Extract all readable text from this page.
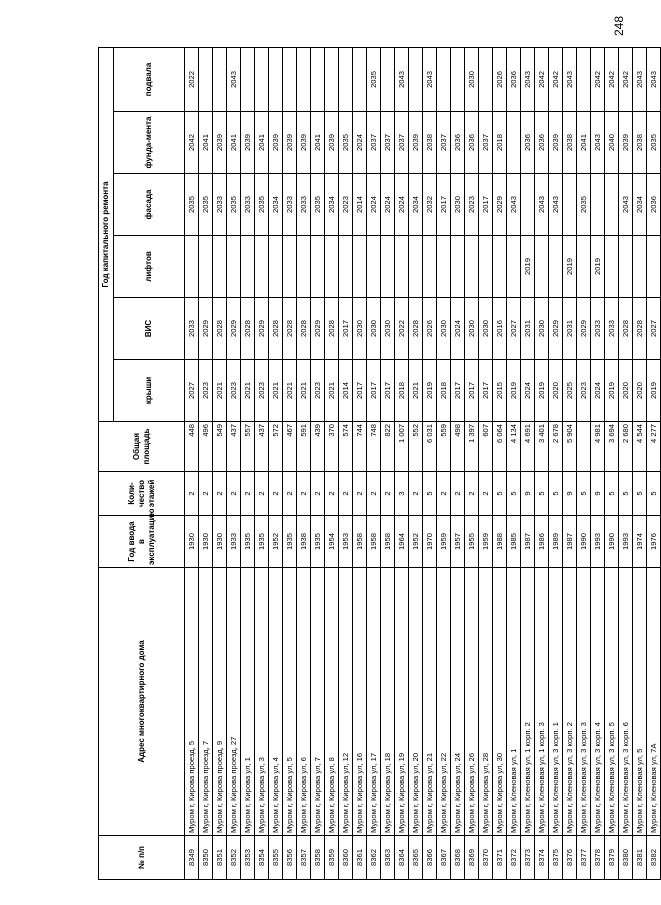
248
№ п/п	Адрес многоквартирного дома	Год ввода в эксплуатацию	Коли-чество этажей	Общая площадь	Год капитального ремонта					
					крыши	ВИС	лифтов	фасада	фунда-мента	подвала
8349	Муром г, Кирова проезд, 5	1930	2	448	2027	2033		2035	2042	2022
8350	Муром г, Кирова проезд, 7	1930	2	496	2023	2029		2035	2041	
8351	Муром г, Кирова проезд, 9	1930	2	549	2021	2028		2033	2039	
8352	Муром г, Кирова проезд, 27	1933	2	437	2023	2029		2035	2041	2043
8353	Муром г, Кирова ул, 1	1935	2	557	2021	2028		2033	2039	
8354	Муром г, Кирова ул, 3	1935	2	437	2023	2029		2035	2041	
8355	Муром г, Кирова ул, 4	1952	2	572	2021	2028		2034	2039	
8356	Муром г, Кирова ул, 5	1935	2	467	2021	2028		2033	2039	
8357	Муром г, Кирова ул, 6	1938	2	591	2021	2028		2033	2039	
8358	Муром г, Кирова ул, 7	1935	2	439	2023	2029		2035	2041	
8359	Муром г, Кирова ул, 8	1954	2	370	2021	2028		2034	2039	
8360	Муром г, Кирова ул, 12	1953	2	574	2014	2017		2023	2035	
8361	Муром г, Кирова ул, 16	1958	2	744	2017	2030		2014	2024	
8362	Муром г, Кирова ул, 17	1958	2	748	2017	2030		2024	2037	2035
8363	Муром г, Кирова ул, 18	1958	2	822	2017	2030		2024	2037	
8364	Муром г, Кирова ул, 19	1964	3	1 007	2018	2022		2024	2037	2043
8365	Муром г, Кирова ул, 20	1952	2	552	2021	2028		2034	2039	
8366	Муром г, Кирова ул, 21	1970	5	6 031	2019	2026		2032	2038	2043
8367	Муром г, Кирова ул, 22	1959	2	559	2018	2030		2017	2037	
8368	Муром г, Кирова ул, 24	1957	2	498	2017	2024		2030	2036	
8369	Муром г, Кирова ул, 26	1955	2	1 397	2017	2030		2023	2036	2030
8370	Муром г, Кирова ул, 28	1959	2	607	2017	2030		2017	2037	
8371	Муром г, Кирова ул, 30	1988	5	6 064	2015	2016		2029	2018	2026
8372	Муром г, Кленовая ул, 1	1985	5	4 134	2019	2027		2043		2036
8373	Муром г, Кленовая ул, 1 корп. 2	1987	9	4 691	2024	2031	2019		2036	2043
8374	Муром г, Кленовая ул, 1 корп. 3	1986	5	3 401	2019	2030		2043	2036	2042
8375	Муром г, Кленовая ул, 3 корп. 1	1989	5	2 678	2020	2029		2043	2039	2042
8376	Муром г, Кленовая ул, 3 корп. 2	1987	9	5 904	2025	2031	2019		2038	2043
8377	Муром г, Кленовая ул, 3 корп. 3	1990	5		2023	2029		2035	2041	
8378	Муром г, Кленовая ул, 3 корп. 4	1993	9	4 981	2024	2033	2019		2043	2042
8379	Муром г, Кленовая ул, 3 корп. 5	1990	5	3 694	2019	2033			2040	2042
8380	Муром г, Кленовая ул, 3 корп. 6	1993	5	2 680	2020	2028		2043	2039	2042
8381	Муром г, Кленовая ул, 5	1974	5	4 544	2020	2028		2034	2038	2043
8382	Муром г, Кленовая ул, 7А	1976	5	4 277	2019	2027		2036	2035	2043
